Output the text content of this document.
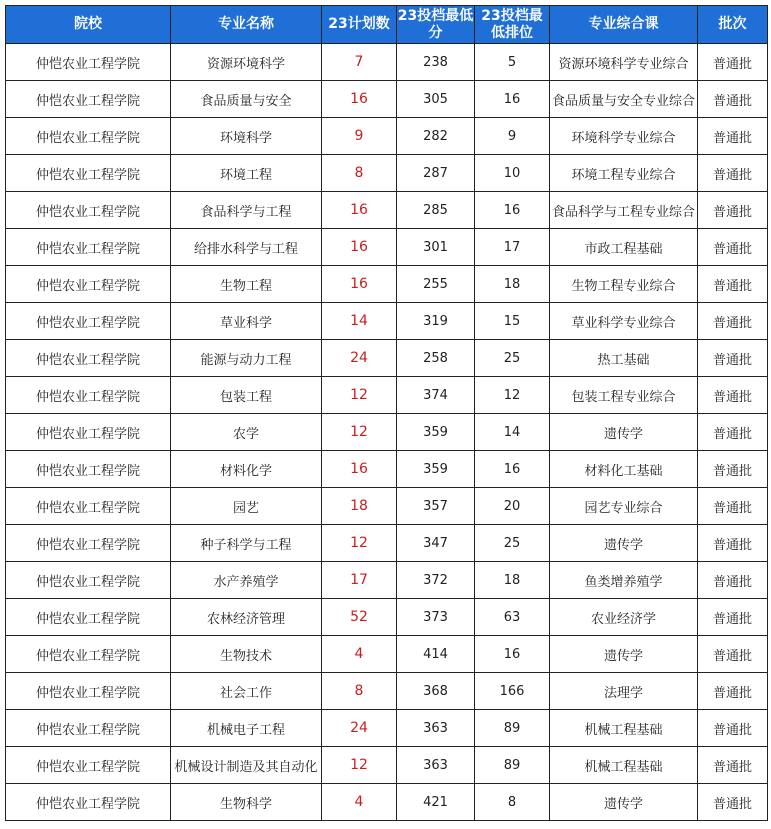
院校	专业名称	23计划数	23投档最低分	23投档最低排位	专业综合课	批次
仲恺农业工程学院	资源环境科学	7	238	5	资源环境科学专业综合	普通批
仲恺农业工程学院	食品质量与安全	16	305	16	食品质量与安全专业综合	普通批
仲恺农业工程学院	环境科学	9	282	9	环境科学专业综合	普通批
仲恺农业工程学院	环境工程	8	287	10	环境工程专业综合	普通批
仲恺农业工程学院	食品科学与工程	16	285	16	食品科学与工程专业综合	普通批
仲恺农业工程学院	给排水科学与工程	16	301	17	市政工程基础	普通批
仲恺农业工程学院	生物工程	16	255	18	生物工程专业综合	普通批
仲恺农业工程学院	草业科学	14	319	15	草业科学专业综合	普通批
仲恺农业工程学院	能源与动力工程	24	258	25	热工基础	普通批
仲恺农业工程学院	包装工程	12	374	12	包装工程专业综合	普通批
仲恺农业工程学院	农学	12	359	14	遗传学	普通批
仲恺农业工程学院	材料化学	16	359	16	材料化工基础	普通批
仲恺农业工程学院	园艺	18	357	20	园艺专业综合	普通批
仲恺农业工程学院	种子科学与工程	12	347	25	遗传学	普通批
仲恺农业工程学院	水产养殖学	17	372	18	鱼类增养殖学	普通批
仲恺农业工程学院	农林经济管理	52	373	63	农业经济学	普通批
仲恺农业工程学院	生物技术	4	414	16	遗传学	普通批
仲恺农业工程学院	社会工作	8	368	166	法理学	普通批
仲恺农业工程学院	机械电子工程	24	363	89	机械工程基础	普通批
仲恺农业工程学院	机械设计制造及其自动化	12	363	89	机械工程基础	普通批
仲恺农业工程学院	生物科学	4	421	8	遗传学	普通批
